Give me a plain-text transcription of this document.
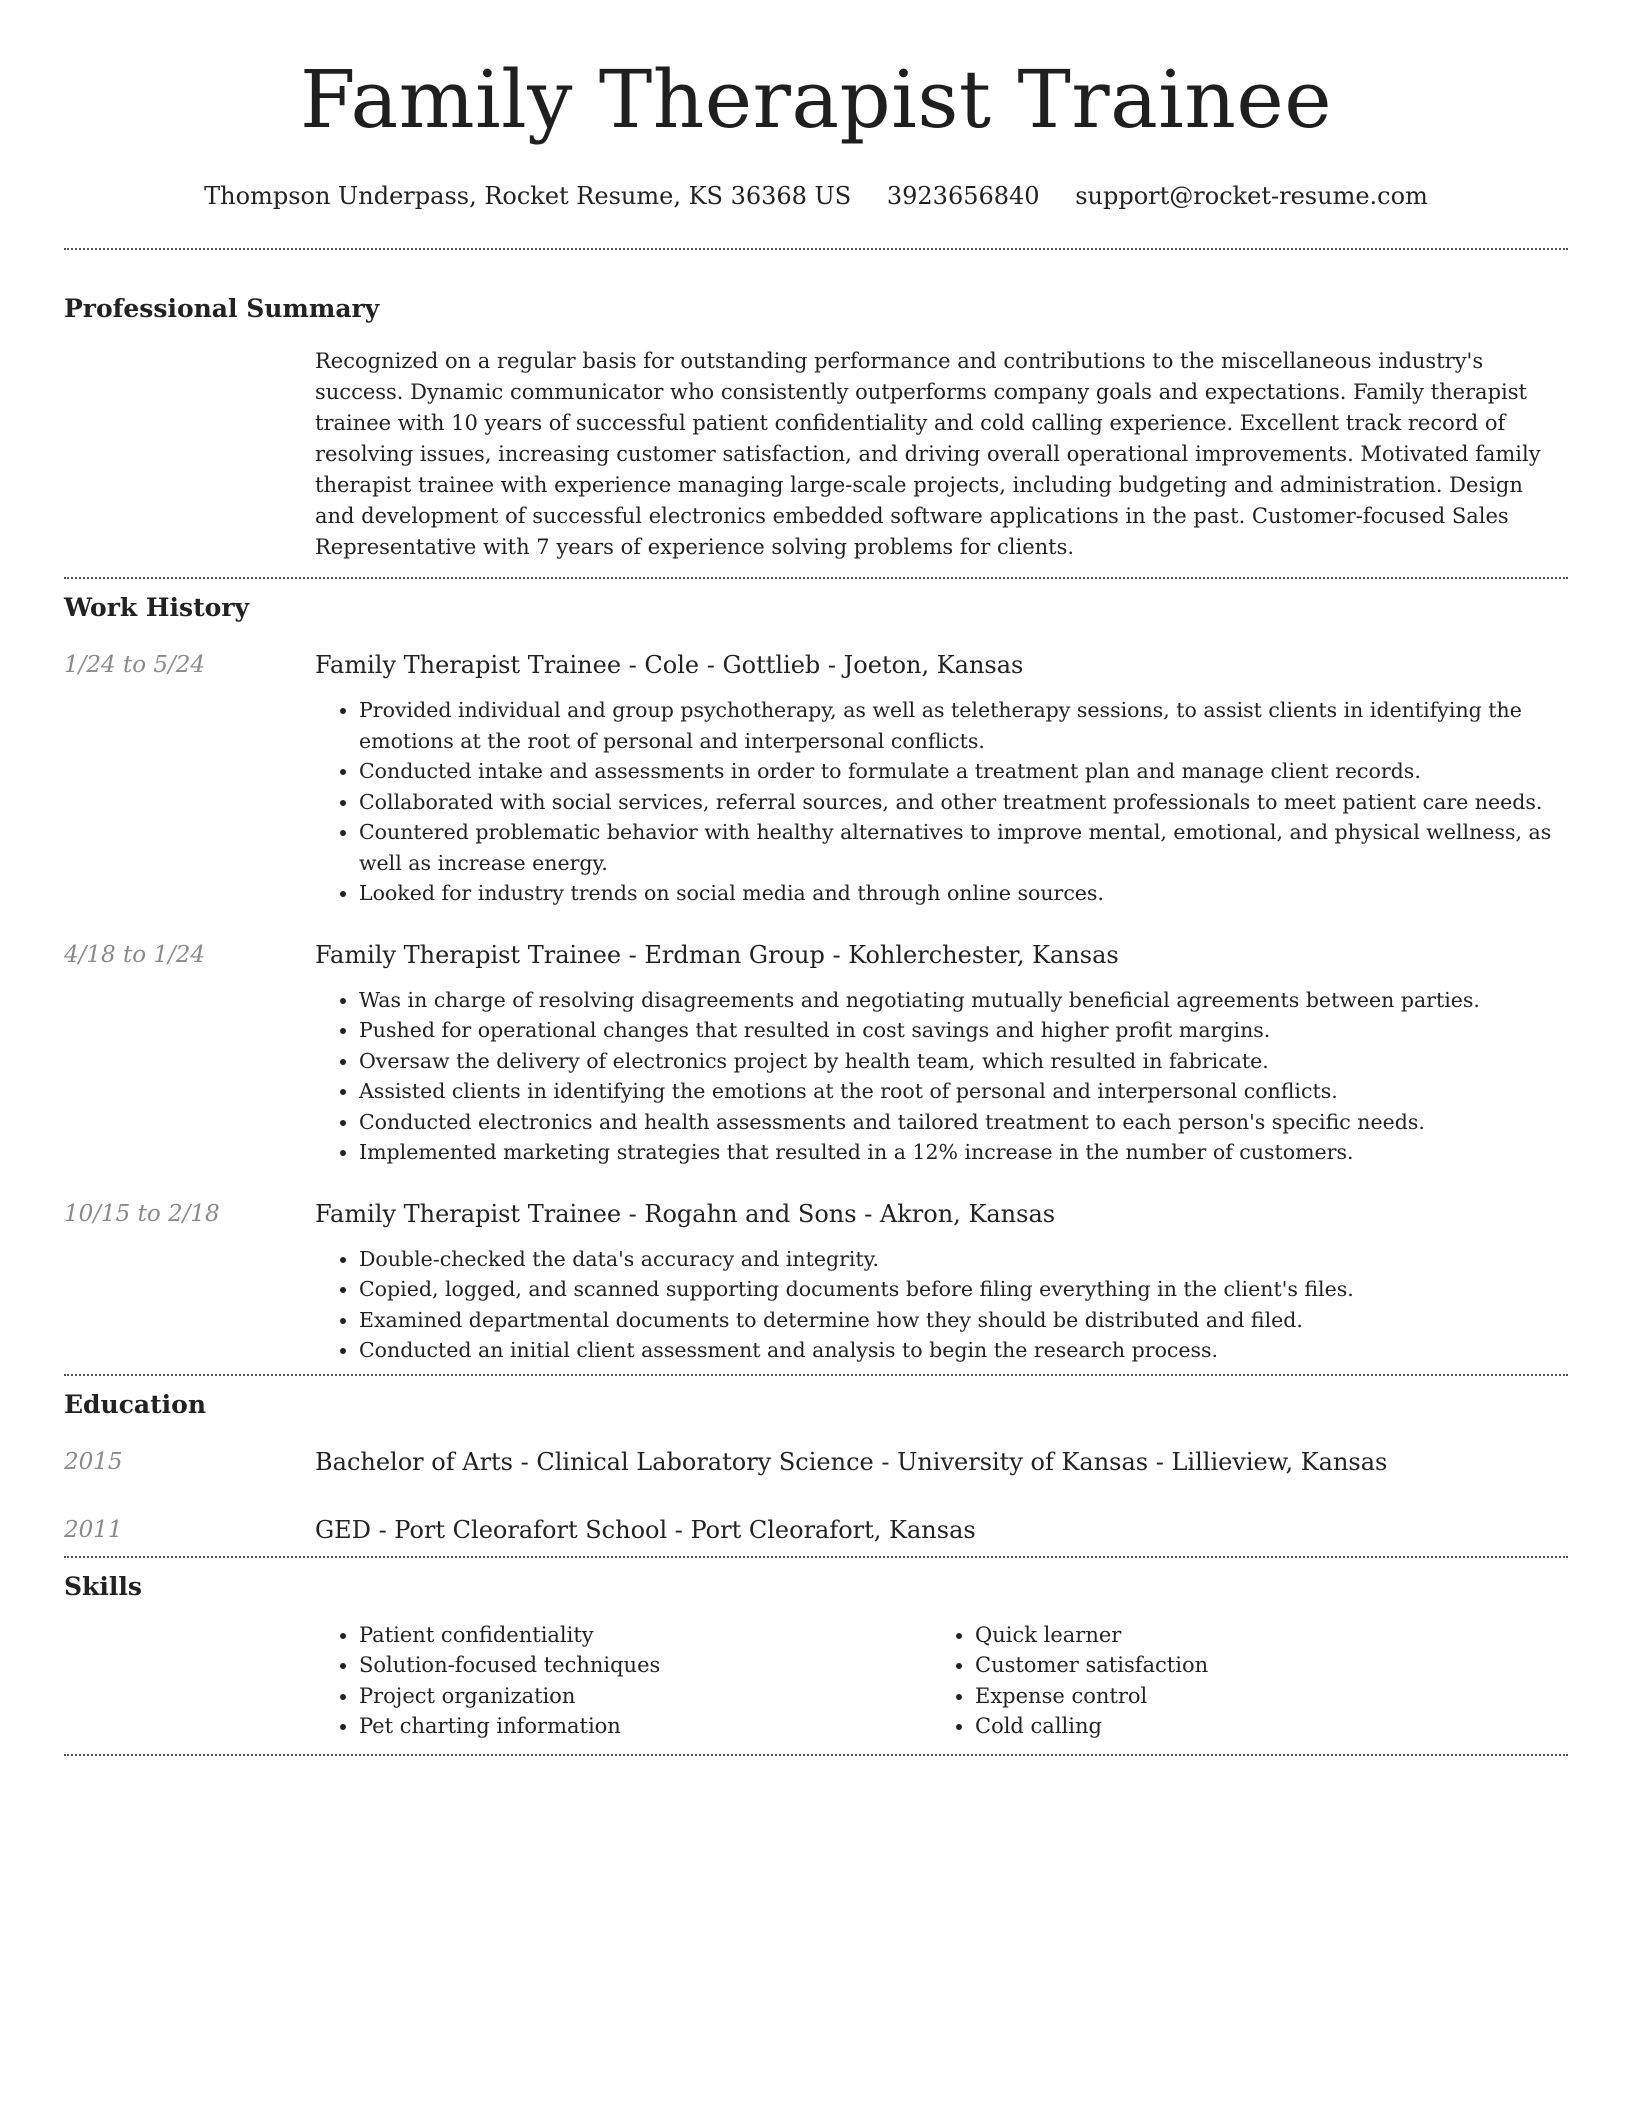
Family Therapist Trainee
Thompson Underpass, Rocket Resume, KS 36368 US 3923656840 support@rocket-resume.com
Professional Summary

Recognized on a regular basis for outstanding performance and contributions to the miscellaneous industry's success. Dynamic communicator who consistently outperforms company goals and expectations. Family therapist trainee with 10 years of successful patient confidentiality and cold calling experience. Excellent track record of resolving issues, increasing customer satisfaction, and driving overall operational improvements. Motivated family therapist trainee with experience managing large-scale projects, including budgeting and administration. Design and development of successful electronics embedded software applications in the past. Customer-focused Sales Representative with 7 years of experience solving problems for clients.

Work History
1/24 to 5/24	Family Therapist Trainee - Cole - Gottlieb - Joeton, Kansas
• Provided individual and group psychotherapy, as well as teletherapy sessions, to assist clients in identifying the emotions at the root of personal and interpersonal conflicts.
• Conducted intake and assessments in order to formulate a treatment plan and manage client records.
• Collaborated with social services, referral sources, and other treatment professionals to meet patient care needs.
• Countered problematic behavior with healthy alternatives to improve mental, emotional, and physical wellness, as well as increase energy.
• Looked for industry trends on social media and through online sources.
4/18 to 1/24	Family Therapist Trainee - Erdman Group - Kohlerchester, Kansas
• Was in charge of resolving disagreements and negotiating mutually beneficial agreements between parties.
• Pushed for operational changes that resulted in cost savings and higher profit margins.
• Oversaw the delivery of electronics project by health team, which resulted in fabricate.
• Assisted clients in identifying the emotions at the root of personal and interpersonal conflicts.
• Conducted electronics and health assessments and tailored treatment to each person's specific needs.
• Implemented marketing strategies that resulted in a 12% increase in the number of customers.
10/15 to 2/18	Family Therapist Trainee - Rogahn and Sons - Akron, Kansas
• Double-checked the data's accuracy and integrity.
• Copied, logged, and scanned supporting documents before filing everything in the client's files.
• Examined departmental documents to determine how they should be distributed and filed.
• Conducted an initial client assessment and analysis to begin the research process.
Education
2015	Bachelor of Arts - Clinical Laboratory Science - University of Kansas - Lillieview, Kansas
2011	GED - Port Cleorafort School - Port Cleorafort, Kansas
Skills
• Patient confidentiality
• Solution-focused techniques
• Project organization
• Pet charting information
• Quick learner
• Customer satisfaction
• Expense control
• Cold calling
